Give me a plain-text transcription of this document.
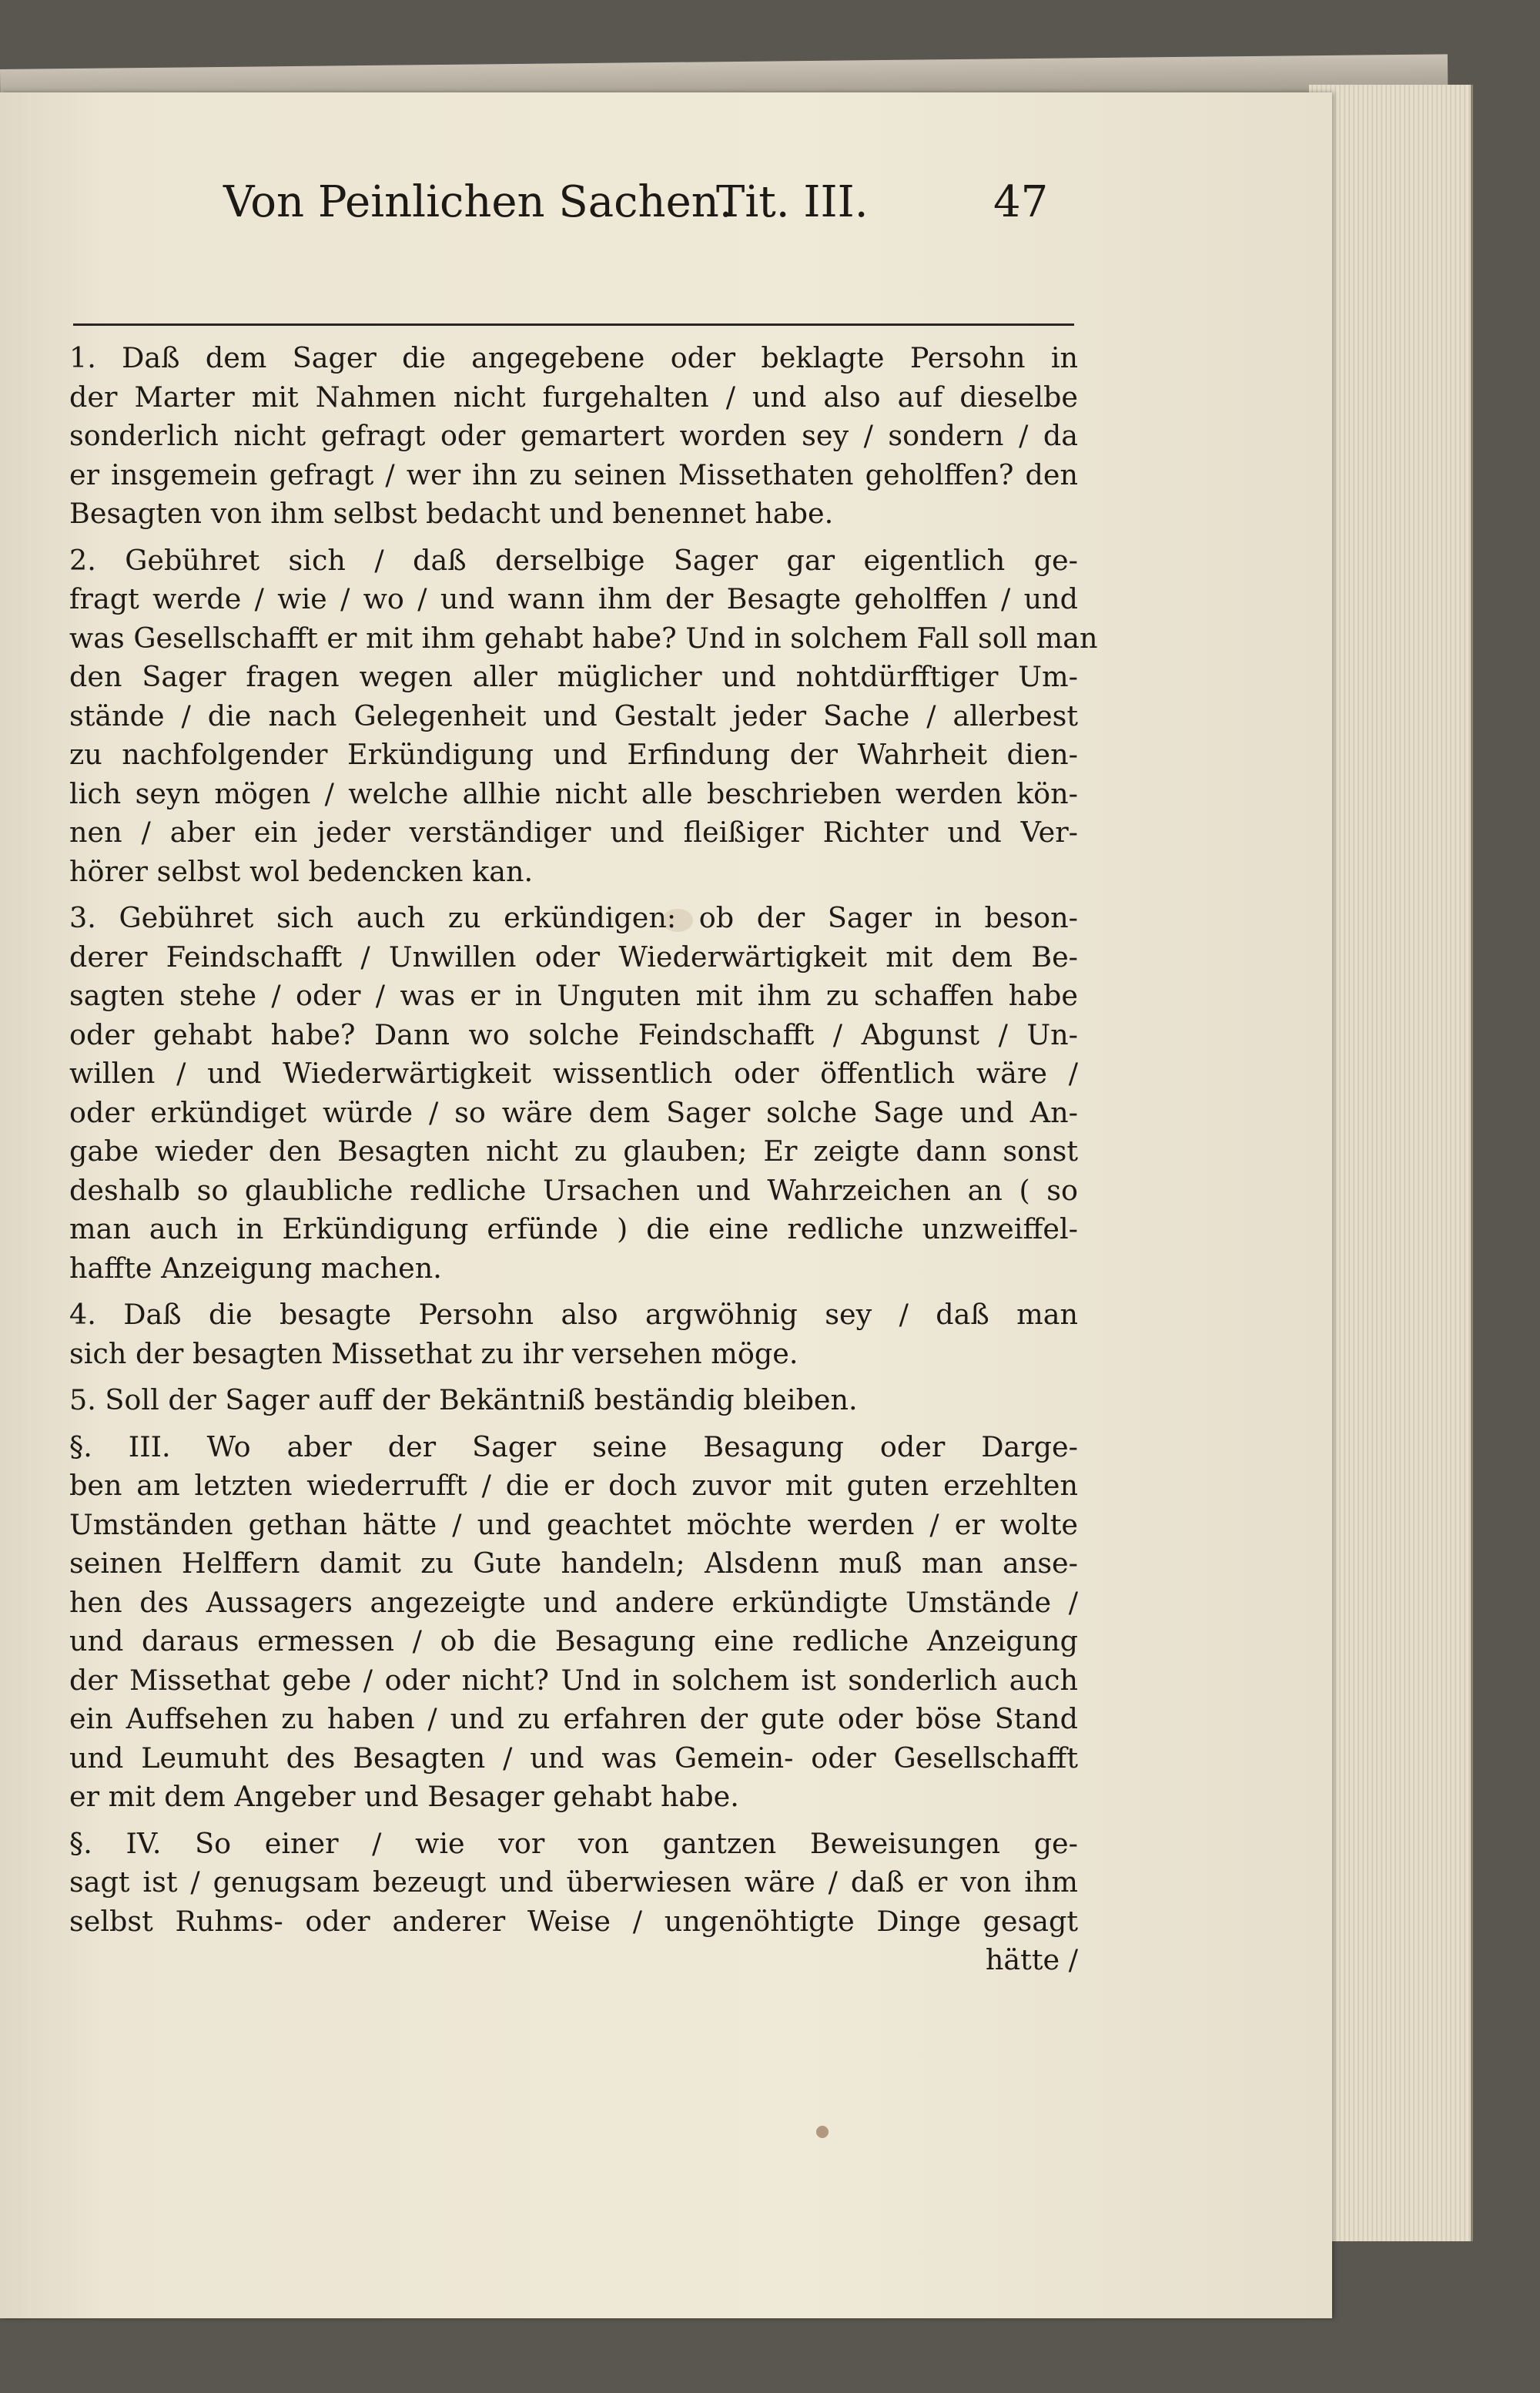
Von Peinlichen Sachen.
Tit. III.	47
1. Daß dem Sager die angegebene oder beklagte Persohn in
der Marter mit Nahmen nicht furgehalten / und also auf dieselbe
sonderlich nicht gefragt oder gemartert worden sey / sondern / da
er insgemein gefragt / wer ihn zu seinen Missethaten geholffen? den
Besagten von ihm selbst bedacht und benennet habe.
2. Gebühret sich / daß derselbige Sager gar eigentlich ge-
fragt werde / wie / wo / und wann ihm der Besagte geholffen / und
was Gesellschafft er mit ihm gehabt habe? Und in solchem Fall soll man
den Sager fragen wegen aller müglicher und nohtdürfftiger Um-
stände / die nach Gelegenheit und Gestalt jeder Sache / allerbest
zu nachfolgender Erkündigung und Erfindung der Wahrheit dien-
lich seyn mögen / welche allhie nicht alle beschrieben werden kön-
nen / aber ein jeder verständiger und fleißiger Richter und Ver-
hörer selbst wol bedencken kan.
3. Gebühret sich auch zu erkündigen: ob der Sager in beson-
derer Feindschafft / Unwillen oder Wiederwärtigkeit mit dem Be-
sagten stehe / oder / was er in Unguten mit ihm zu schaffen habe
oder gehabt habe? Dann wo solche Feindschafft / Abgunst / Un-
willen / und Wiederwärtigkeit wissentlich oder öffentlich wäre /
oder erkündiget würde / so wäre dem Sager solche Sage und An-
gabe wieder den Besagten nicht zu glauben; Er zeigte dann sonst
deshalb so glaubliche redliche Ursachen und Wahrzeichen an ( so
man auch in Erkündigung erfünde ) die eine redliche unzweiffel-
haffte Anzeigung machen.
4. Daß die besagte Persohn also argwöhnig sey / daß man
sich der besagten Missethat zu ihr versehen möge.
5. Soll der Sager auff der Bekäntniß beständig bleiben.
§. III. Wo aber der Sager seine Besagung oder Darge-
ben am letzten wiederrufft / die er doch zuvor mit guten erzehlten
Umständen gethan hätte / und geachtet möchte werden / er wolte
seinen Helffern damit zu Gute handeln; Alsdenn muß man anse-
hen des Aussagers angezeigte und andere erkündigte Umstände /
und daraus ermessen / ob die Besagung eine redliche Anzeigung
der Missethat gebe / oder nicht? Und in solchem ist sonderlich auch
ein Auffsehen zu haben / und zu erfahren der gute oder böse Stand
und Leumuht des Besagten / und was Gemein- oder Gesellschafft
er mit dem Angeber und Besager gehabt habe.
§. IV. So einer / wie vor von gantzen Beweisungen ge-
sagt ist / genugsam bezeugt und überwiesen wäre / daß er von ihm
selbst Ruhms- oder anderer Weise / ungenöhtigte Dinge gesagt
hätte /
